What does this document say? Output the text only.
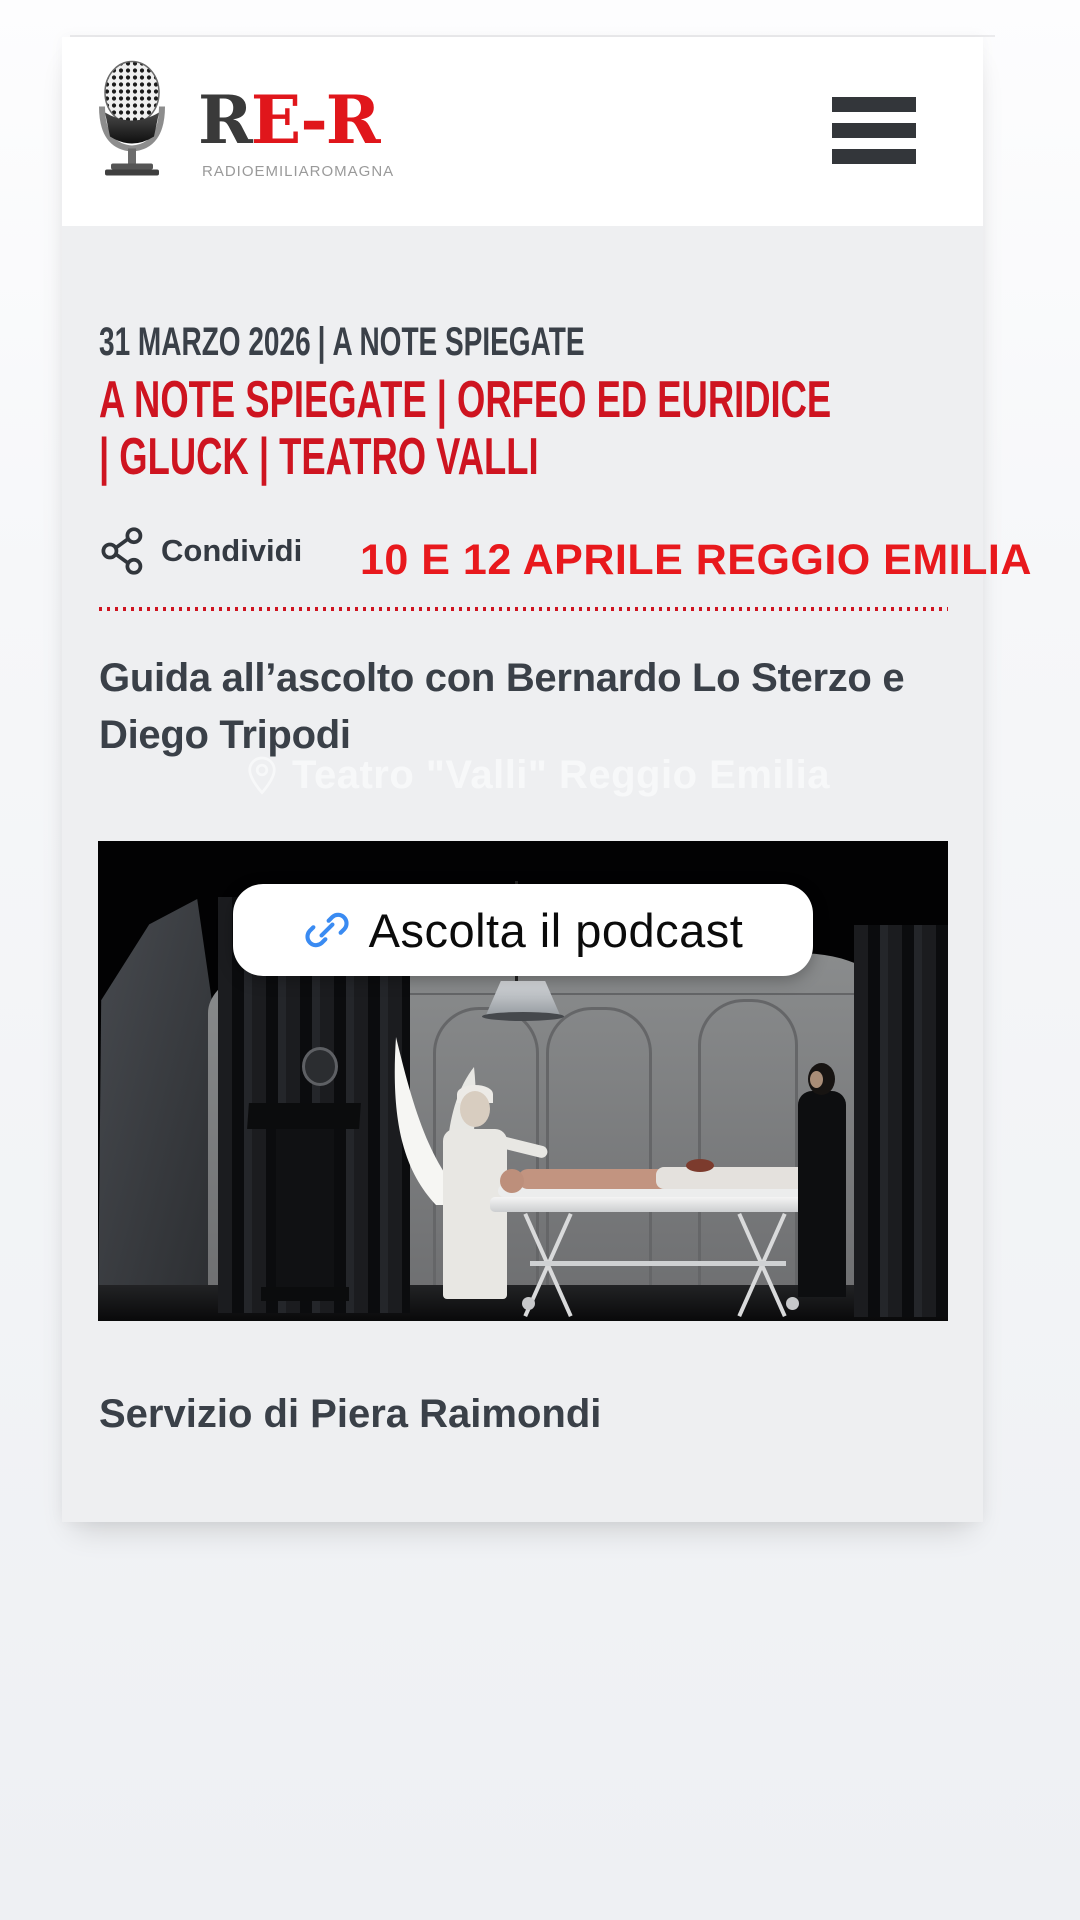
RE-R
RADIOEMILIAROMAGNA
31 MARZO 2026 | A NOTE SPIEGATE
A NOTE SPIEGATE | ORFEO ED EURIDICE | GLUCK | TEATRO VALLI
Condividi 10 E 12 APRILE REGGIO EMILIA
Guida all’ascolto con Bernardo Lo Sterzo e Diego Tripodi
Teatro "Valli" Reggio Emilia
Ascolta il podcast
Servizio di Piera Raimondi
